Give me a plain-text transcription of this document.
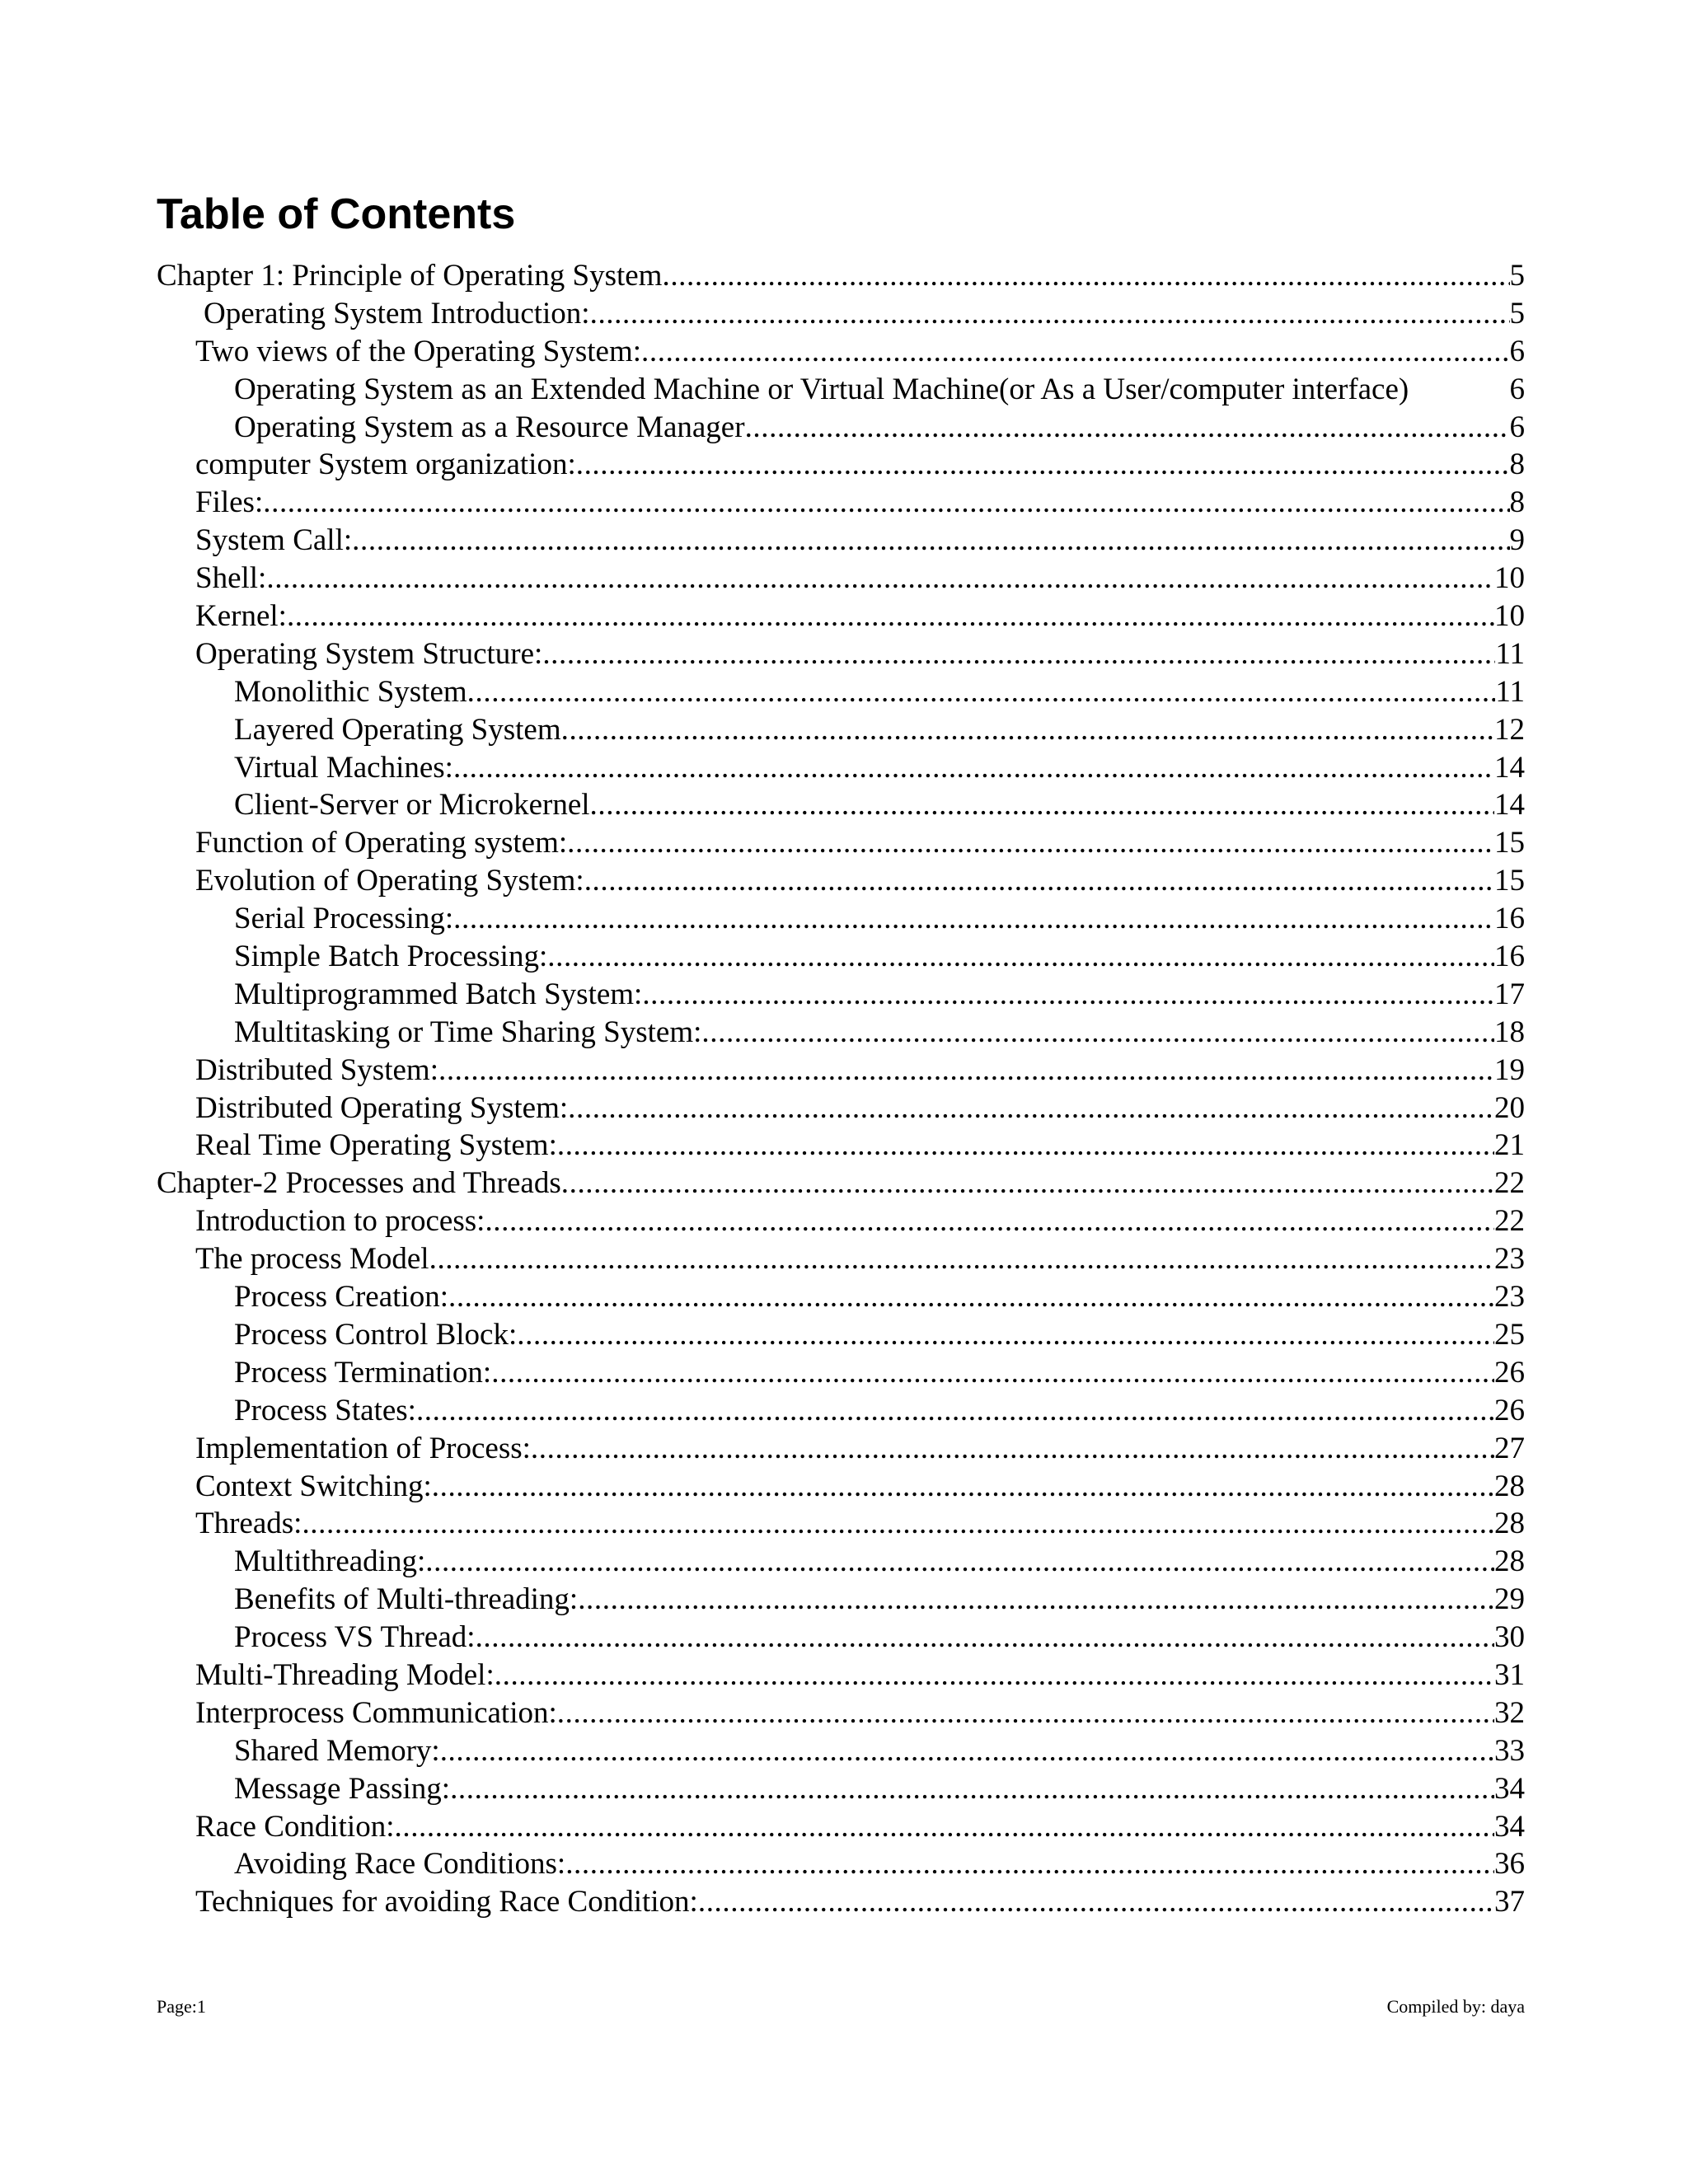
Table of Contents
Chapter 1: Principle of Operating System .....	5
Operating System Introduction: .....	5
Two views of the Operating System: .....	6
Operating System as an Extended Machine or Virtual Machine(or As a User/computer interface)	6
Operating System as a Resource Manager .....	6
computer System organization: .....	8
Files: .....	8
System Call: .....	9
Shell: .....	10
Kernel: .....	10
Operating System Structure: .....	11
Monolithic System .....	11
Layered Operating System .....	12
Virtual Machines: .....	14
Client-Server or Microkernel .....	14
Function of Operating system: .....	15
Evolution of Operating System: .....	15
Serial Processing: .....	16
Simple Batch Processing: .....	16
Multiprogrammed Batch System: .....	17
Multitasking or Time Sharing System: .....	18
Distributed System: .....	19
Distributed Operating System: .....	20
Real Time Operating System: .....	21
Chapter-2 Processes and Threads .....	22
Introduction to process: .....	22
The process Model .....	23
Process Creation: .....	23
Process Control Block: .....	25
Process Termination: .....	26
Process States: .....	26
Implementation of Process: .....	27
Context Switching: .....	28
Threads: .....	28
Multithreading: .....	28
Benefits of Multi-threading: .....	29
Process VS Thread: .....	30
Multi-Threading Model: .....	31
Interprocess Communication: .....	32
Shared Memory: .....	33
Message Passing: .....	34
Race Condition: .....	34
Avoiding Race Conditions: .....	36
Techniques for avoiding Race Condition: .....	37
Page:1	Compiled by: daya
